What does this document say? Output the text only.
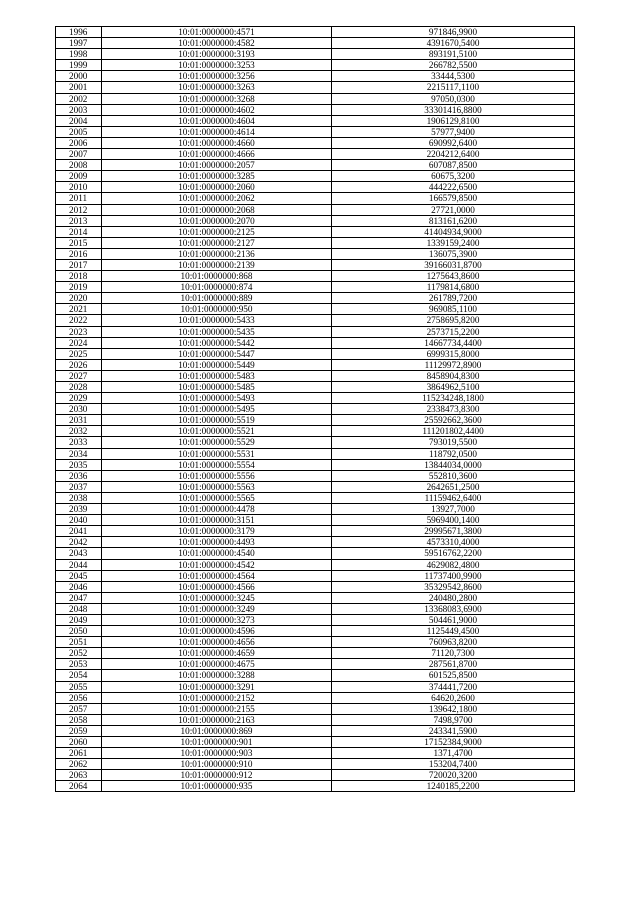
1996	10:01:0000000:4571	971846,9900
1997	10:01:0000000:4582	4391670,5400
1998	10:01:0000000:3193	893191,5100
1999	10:01:0000000:3253	266782,5500
2000	10:01:0000000:3256	33444,5300
2001	10:01:0000000:3263	2215117,1100
2002	10:01:0000000:3268	97050,0300
2003	10:01:0000000:4602	33301416,8800
2004	10:01:0000000:4604	1906129,8100
2005	10:01:0000000:4614	57977,9400
2006	10:01:0000000:4660	690992,6400
2007	10:01:0000000:4666	2204212,6400
2008	10:01:0000000:2057	607087,8500
2009	10:01:0000000:3285	60675,3200
2010	10:01:0000000:2060	444222,6500
2011	10:01:0000000:2062	166579,8500
2012	10:01:0000000:2068	27721,0000
2013	10:01:0000000:2070	813161,6200
2014	10:01:0000000:2125	41404934,9000
2015	10:01:0000000:2127	1339159,2400
2016	10:01:0000000:2136	136075,3900
2017	10:01:0000000:2139	39166031,8700
2018	10:01:0000000:868	1275643,8600
2019	10:01:0000000:874	1179814,6800
2020	10:01:0000000:889	261789,7200
2021	10:01:0000000:950	969085,1100
2022	10:01:0000000:5433	2758695,8200
2023	10:01:0000000:5435	2573715,2200
2024	10:01:0000000:5442	14667734,4400
2025	10:01:0000000:5447	6999315,8000
2026	10:01:0000000:5449	11129972,8900
2027	10:01:0000000:5483	8458904,8300
2028	10:01:0000000:5485	3864962,5100
2029	10:01:0000000:5493	115234248,1800
2030	10:01:0000000:5495	2338473,8300
2031	10:01:0000000:5519	25592662,3600
2032	10:01:0000000:5521	111201802,4400
2033	10:01:0000000:5529	793019,5500
2034	10:01:0000000:5531	118792,0500
2035	10:01:0000000:5554	13844034,0000
2036	10:01:0000000:5556	552810,3600
2037	10:01:0000000:5563	2642651,2500
2038	10:01:0000000:5565	11159462,6400
2039	10:01:0000000:4478	13927,7000
2040	10:01:0000000:3151	5969400,1400
2041	10:01:0000000:3179	29995671,3800
2042	10:01:0000000:4493	4573310,4000
2043	10:01:0000000:4540	59516762,2200
2044	10:01:0000000:4542	4629082,4800
2045	10:01:0000000:4564	11737400,9900
2046	10:01:0000000:4566	35329542,8600
2047	10:01:0000000:3245	240480,2800
2048	10:01:0000000:3249	13368083,6900
2049	10:01:0000000:3273	504461,9000
2050	10:01:0000000:4596	1125449,4500
2051	10:01:0000000:4656	760963,8200
2052	10:01:0000000:4659	71120,7300
2053	10:01:0000000:4675	287561,8700
2054	10:01:0000000:3288	601525,8500
2055	10:01:0000000:3291	374441,7200
2056	10:01:0000000:2152	64620,2600
2057	10:01:0000000:2155	139642,1800
2058	10:01:0000000:2163	7498,9700
2059	10:01:0000000:869	243341,5900
2060	10:01:0000000:901	17152384,9000
2061	10:01:0000000:903	1371,4700
2062	10:01:0000000:910	153204,7400
2063	10:01:0000000:912	720020,3200
2064	10:01:0000000:935	1240185,2200
